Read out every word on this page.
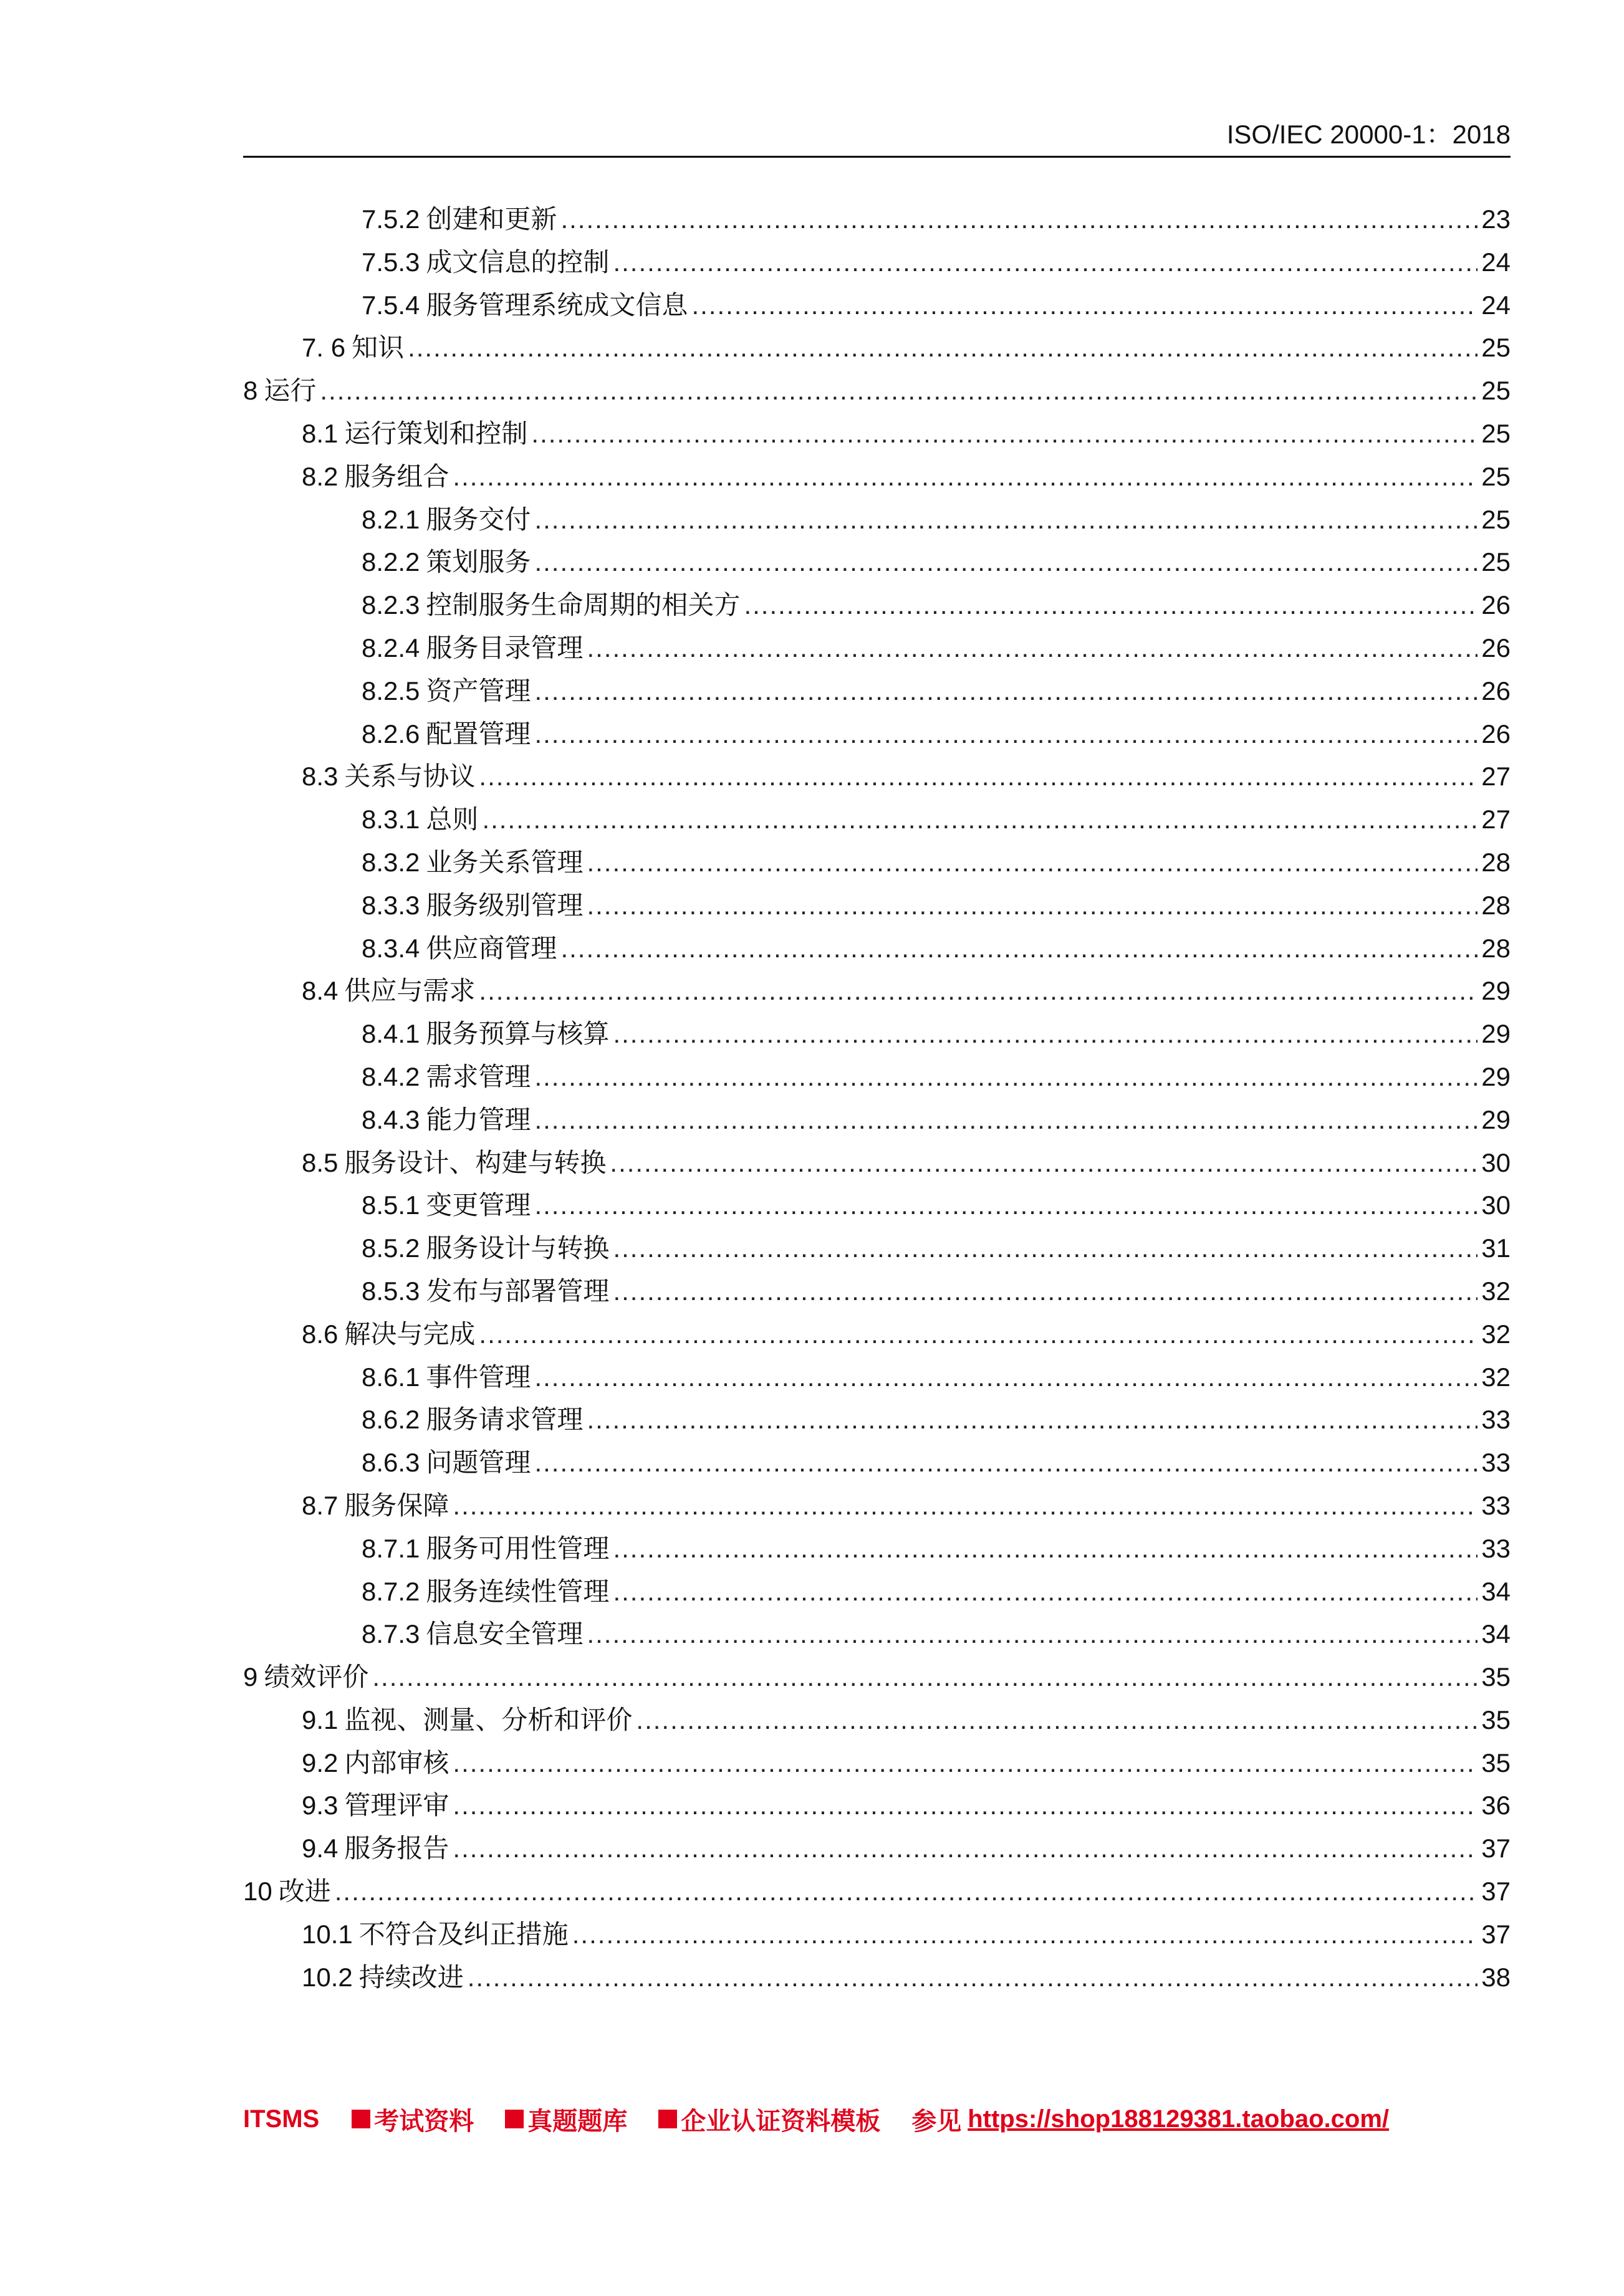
ISO/IEC 20000-1：2018
7.5.2 创建和更新 .....	23
7.5.3 成文信息的控制 .....	24
7.5.4 服务管理系统成文信息 .....	24
7. 6 知识 .....	25
8 运行 .....	25
8.1 运行策划和控制 .....	25
8.2 服务组合 .....	25
8.2.1 服务交付 .....	25
8.2.2 策划服务 .....	25
8.2.3 控制服务生命周期的相关方 .....	26
8.2.4 服务目录管理 .....	26
8.2.5 资产管理 .....	26
8.2.6 配置管理 .....	26
8.3 关系与协议 .....	27
8.3.1 总则 .....	27
8.3.2 业务关系管理 .....	28
8.3.3 服务级别管理 .....	28
8.3.4 供应商管理 .....	28
8.4 供应与需求 .....	29
8.4.1 服务预算与核算 .....	29
8.4.2 需求管理 .....	29
8.4.3 能力管理 .....	29
8.5 服务设计、构建与转换 .....	30
8.5.1 变更管理 .....	30
8.5.2 服务设计与转换 .....	31
8.5.3 发布与部署管理 .....	32
8.6 解决与完成 .....	32
8.6.1 事件管理 .....	32
8.6.2 服务请求管理 .....	33
8.6.3 问题管理 .....	33
8.7 服务保障 .....	33
8.7.1 服务可用性管理 .....	33
8.7.2 服务连续性管理 .....	34
8.7.3 信息安全管理 .....	34
9 绩效评价 .....	35
9.1 监视、测量、分析和评价 .....	35
9.2 内部审核 .....	35
9.3 管理评审 .....	36
9.4 服务报告 .....	37
10 改进 .....	37
10.1 不符合及纠正措施 .....	37
10.2 持续改进 .....	38
ITSMS 考试资料 真题题库 企业认证资料模板 参见 https://shop188129381.taobao.com/
